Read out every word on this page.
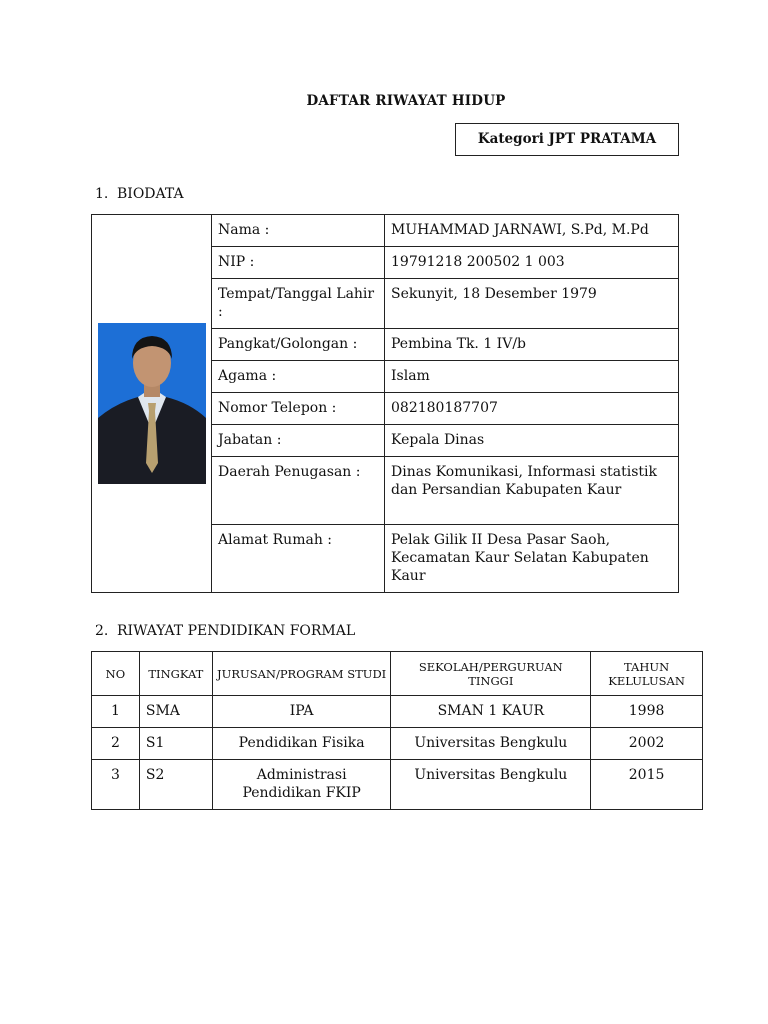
DAFTAR RIWAYAT HIDUP
Kategori JPT PRATAMA
1. BIODATA
	Nama :	MUHAMMAD JARNAWI, S.Pd, M.Pd
	NIP :	19791218 200502 1 003
	Tempat/Tanggal Lahir :	Sekunyit, 18 Desember 1979
	Pangkat/Golongan :	Pembina Tk. 1 IV/b
	Agama :	Islam
	Nomor Telepon :	082180187707
	Jabatan :	Kepala Dinas
	Daerah Penugasan :	Dinas Komunikasi, Informasi statistik dan Persandian Kabupaten Kaur
	Alamat Rumah :	Pelak Gilik II Desa Pasar Saoh, Kecamatan Kaur Selatan Kabupaten Kaur
2. RIWAYAT PENDIDIKAN FORMAL
NO	TINGKAT	JURUSAN/PROGRAM STUDI	SEKOLAH/PERGURUAN TINGGI	TAHUN KELULUSAN
1	SMA	IPA	SMAN 1 KAUR	1998
2	S1	Pendidikan Fisika	Universitas Bengkulu	2002
3	S2	Administrasi Pendidikan FKIP	Universitas Bengkulu	2015
